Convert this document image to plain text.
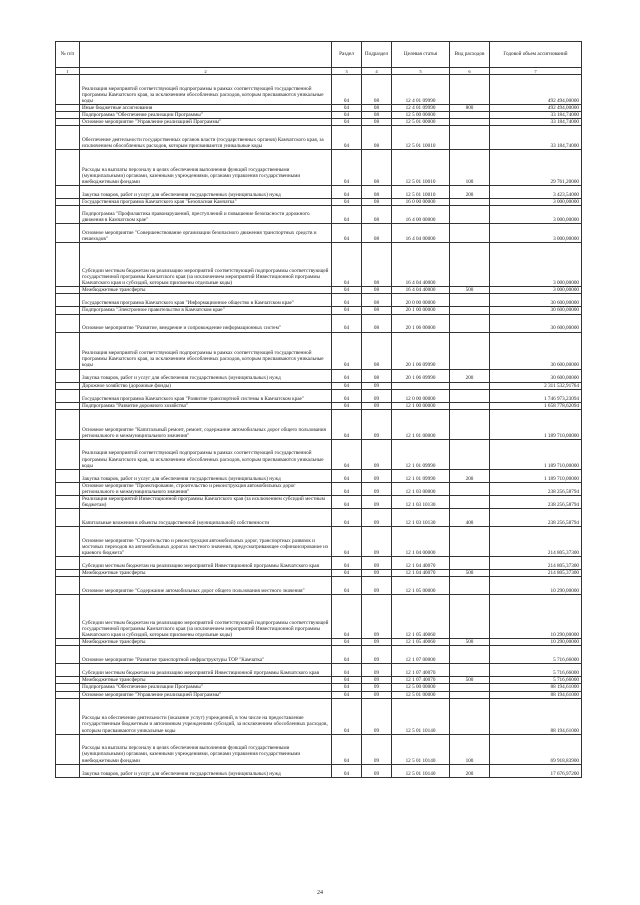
№ п/п		Раздел	Подраздел	Целевая статья	Вид расходов	Годовой объем ассигнований
1	2	3	4	5	6	7
	Реализация мероприятий соответствующей подпрограммы в рамках соответствующей государственной программы Камчатского края, за исключением обособленных расходов, которым присваиваются уникальные коды	04	08	12 4 01 09990		492 494,00000
	Иные бюджетные ассигнования	04	08	12 4 01 09990	800	492 494,00000
	Подпрограмма "Обеспечение реализации Программы"	04	08	12 5 00 00000		33 184,74000
	Основное мероприятие "Управление реализацией Программы"	04	08	12 5 01 00000		33 184,74000
	Обеспечение деятельности государственных органов власти (государственных органов) Камчатского края, за исключением обособленных расходов, которым присваиваются уникальные коды	04	08	12 5 01 10010		33 184,74000
	Расходы на выплаты персоналу в целях обеспечения выполнения функций государственными (муниципальными) органами, казенными учреждениями, органами управления государственными внебюджетными фондами	04	08	12 5 01 10010	100	29 761,20000
	Закупка товаров, работ и услуг для обеспечения государственных (муниципальных) нужд	04	08	12 5 01 10010	200	3 423,54000
	Государственная программа Камчатского края "Безопасная Камчатка"	04	08	16 0 00 00000		3 000,00000
	Подпрограмма "Профилактика правонарушений, преступлений и повышение безопасности дорожного движения в Камчатском крае"	04	08	16 4 00 00000		3 000,00000
	Основное мероприятие "Совершенствование организации безопасного движения транспортных средств и пешеходов"	04	08	16 4 04 00000		3 000,00000
	Субсидии местным бюджетам на реализацию мероприятий соответствующей подпрограммы соответствующей государственной программы Камчатского края (за исключением мероприятий Инвестиционной программы Камчатского края и субсидий, которым присвоены отдельные коды)	04	08	16 4 04 40000		3 000,00000
	Межбюджетные трансферты	04	08	16 4 04 40000	500	3 000,00000
	Государственная программа Камчатского края "Информационное общество в Камчатском крае"	04	08	20 0 00 00000		30 600,00000
	Подпрограмма "Электронное правительство в Камчатском крае"	04	08	20 1 00 00000		30 600,00000
	Основное мероприятие "Развитие, внедрение и сопровождение информационных систем"	04	08	20 1 06 00000		30 600,00000
	Реализация мероприятий соответствующей подпрограммы в рамках соответствующей государственной программы Камчатского края, за исключением обособленных расходов, которым присваиваются уникальные коды	04	08	20 1 06 09990		30 600,00000
	Закупка товаров, работ и услуг для обеспечения государственных (муниципальных) нужд	04	08	20 1 06 09990	200	30 600,00000
	Дорожное хозяйство (дорожные фонды)	04	09			2 311 532,91764
	Государственная программа Камчатского края "Развитие транспортной системы в Камчатском крае"	04	09	12 0 00 00000		1 746 973,23094
	Подпрограмма "Развитие дорожного хозяйства"	04	09	12 1 00 00000		1 658 778,62094
	Основное мероприятие "Капитальный ремонт, ремонт, содержание автомобильных дорог общего пользования регионального и межмуниципального значения"	04	09	12 1 01 00000		1 189 710,00000
	Реализация мероприятий соответствующей подпрограммы в рамках соответствующей государственной программы Камчатского края, за исключением обособленных расходов, которым присваиваются уникальные коды	04	09	12 1 01 09990		1 189 710,00000
	Закупка товаров, работ и услуг для обеспечения государственных (муниципальных) нужд	04	09	12 1 01 09990	200	1 189 710,00000
	Основное мероприятие "Проектирование, строительство и реконструкция автомобильных дорог регионального и межмуниципального значения"	04	09	12 1 03 00000		238 256,58794
	Реализация мероприятий Инвестиционной программы Камчатского края (за исключением субсидий местным бюджетам)	04	09	12 1 03 10130		238 256,58794
	Капитальные вложения в объекты государственной (муниципальной) собственности	04	09	12 1 03 10130	400	238 256,58794
	Основное мероприятие "Строительство и реконструкция автомобильных дорог, транспортных развязок и мостовых переходов на автомобильных дорогах местного значения, предусматривающее софинансирование из краевого бюджета"	04	09	12 1 04 00000		214 805,37300
	Субсидии местным бюджетам на реализацию мероприятий Инвестиционной программы Камчатского края	04	09	12 1 04 40070		214 805,37300
	Межбюджетные трансферты	04	09	12 1 04 40070	500	214 805,37300
	Основное мероприятие "Содержание автомобильных дорог общего пользования местного значения"	04	09	12 1 05 00000		10 290,00000
	Субсидии местным бюджетам на реализацию мероприятий соответствующей подпрограммы соответствующей государственной программы Камчатского края (за исключением мероприятий Инвестиционной программы Камчатского края и субсидий, которым присвоены отдельные коды)	04	09	12 1 05 40060		10 290,00000
	Межбюджетные трансферты	04	09	12 1 05 40060	500	10 290,00000
	Основное мероприятие "Развитие транспортной инфраструктуры ТОР "Камчатка"	04	09	12 1 07 00000		5 716,66000
	Субсидии местным бюджетам на реализацию мероприятий Инвестиционной программы Камчатского края	04	09	12 1 07 40070		5 716,66000
	Межбюджетные трансферты	04	09	12 1 07 40070	500	5 716,66000
	Подпрограмма "Обеспечение реализации Программы"	04	09	12 5 00 00000		88 194,61000
	Основное мероприятие "Управление реализацией Программы"	04	09	12 5 01 00000		88 194,61000
	Расходы на обеспечение деятельности (оказание услуг) учреждений, в том числе на предоставление государственным бюджетным и автономным учреждениям субсидий, за исключением обособленных расходов, которым присваиваются уникальные коды	04	09	12 5 01 10140		88 194,61000
	Расходы на выплаты персоналу в целях обеспечения выполнения функций государственными (муниципальными) органами, казенными учреждениями, органами управления государственными внебюджетными фондами	04	09	12 5 01 10140	100	69 918,83900
	Закупка товаров, работ и услуг для обеспечения государственных (муниципальных) нужд	04	09	12 5 01 10140	200	17 676,97200
24
